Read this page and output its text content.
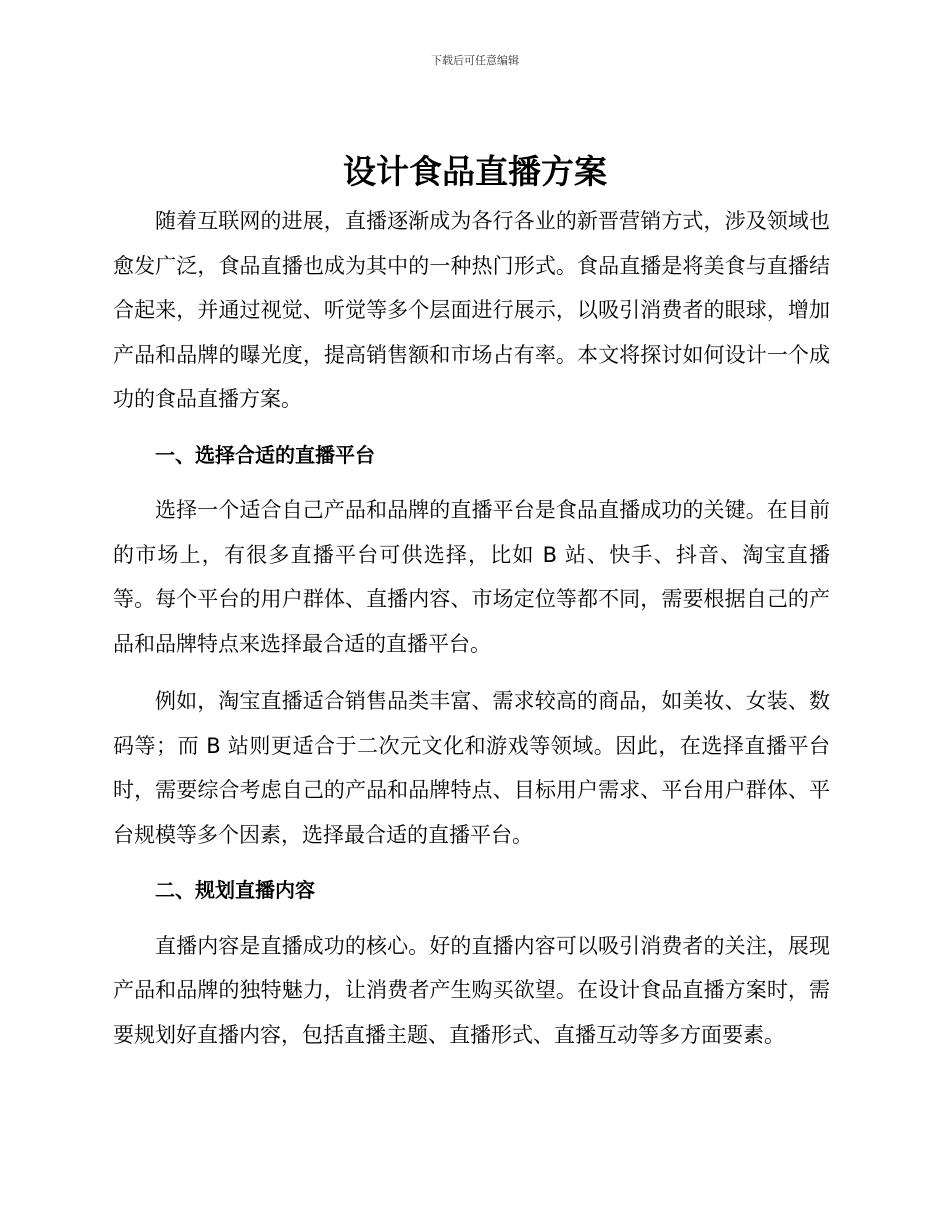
下载后可任意编辑
设计食品直播方案

随着互联网的进展，直播逐渐成为各行各业的新晋营销方式，涉及领域也愈发广泛，食品直播也成为其中的一种热门形式。食品直播是将美食与直播结合起来，并通过视觉、听觉等多个层面进行展示，以吸引消费者的眼球，增加产品和品牌的曝光度，提高销售额和市场占有率。本文将探讨如何设计一个成功的食品直播方案。

一、选择合适的直播平台

选择一个适合自己产品和品牌的直播平台是食品直播成功的关键。在目前的市场上，有很多直播平台可供选择，比如 B 站、快手、抖音、淘宝直播等。每个平台的用户群体、直播内容、市场定位等都不同，需要根据自己的产品和品牌特点来选择最合适的直播平台。

例如，淘宝直播适合销售品类丰富、需求较高的商品，如美妆、女装、数码等；而 B 站则更适合于二次元文化和游戏等领域。因此，在选择直播平台时，需要综合考虑自己的产品和品牌特点、目标用户需求、平台用户群体、平台规模等多个因素，选择最合适的直播平台。

二、规划直播内容

直播内容是直播成功的核心。好的直播内容可以吸引消费者的关注，展现产品和品牌的独特魅力，让消费者产生购买欲望。在设计食品直播方案时，需要规划好直播内容，包括直播主题、直播形式、直播互动等多方面要素。
